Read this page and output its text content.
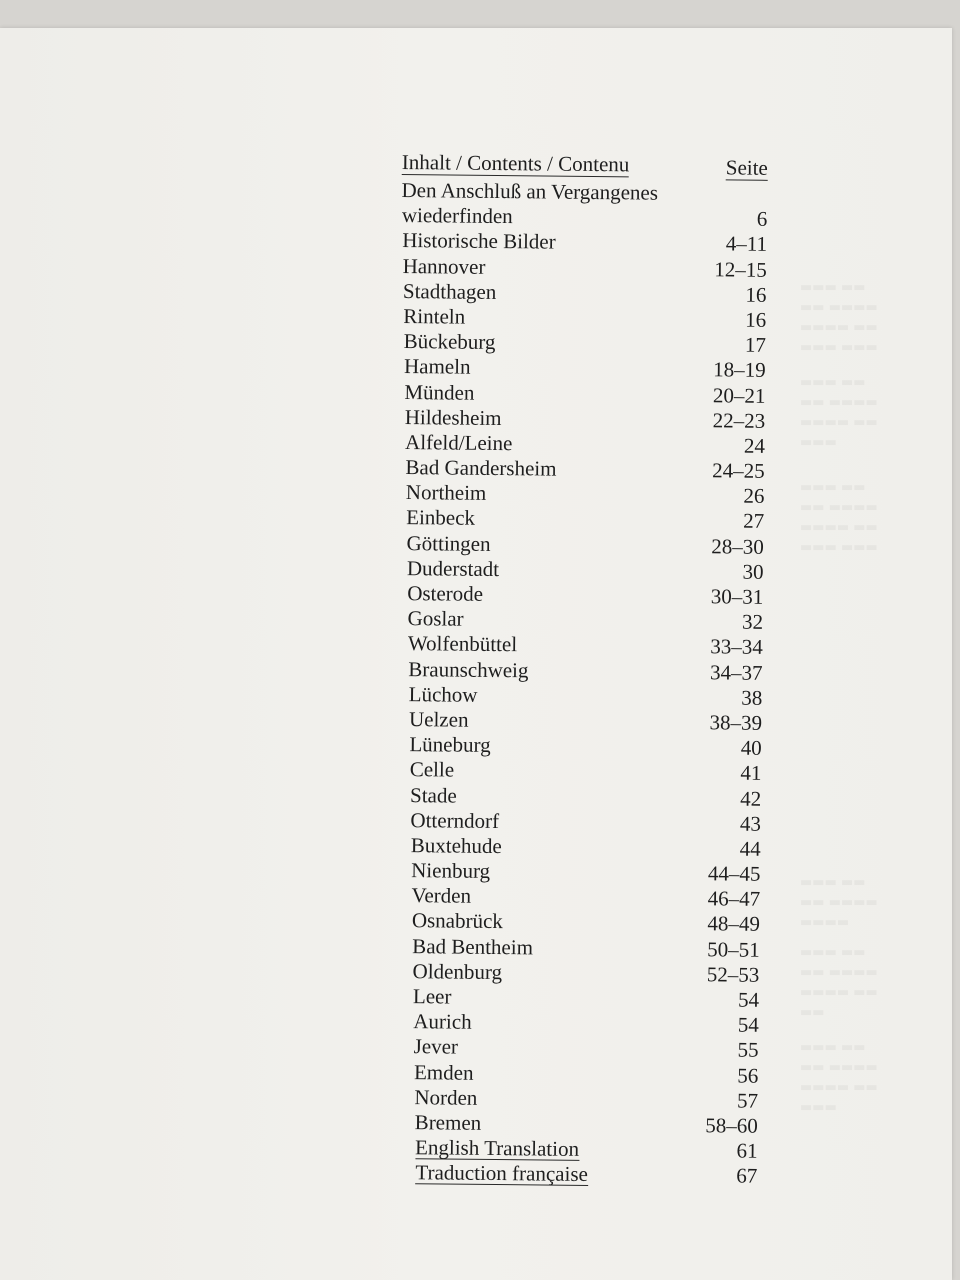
▬▬▬ ▬▬
▬▬ ▬▬▬▬
▬▬▬▬ ▬▬
▬▬▬ ▬▬▬
▬▬▬ ▬▬
▬▬ ▬▬▬▬
▬▬▬▬ ▬▬
▬▬▬
▬▬▬ ▬▬
▬▬ ▬▬▬▬
▬▬▬▬ ▬▬
▬▬▬ ▬▬▬
▬▬▬ ▬▬
▬▬ ▬▬▬▬
▬▬▬▬
▬▬▬ ▬▬
▬▬ ▬▬▬▬
▬▬▬▬ ▬▬
▬▬
▬▬▬ ▬▬
▬▬ ▬▬▬▬
▬▬▬▬ ▬▬
▬▬▬
Inhalt / Contents / Contenu	Seite
Den Anschluß an Vergangenes
wiederfinden	6
Historische Bilder	4–11
Hannover	12–15
Stadthagen	16
Rinteln	16
Bückeburg	17
Hameln	18–19
Münden	20–21
Hildesheim	22–23
Alfeld/Leine	24
Bad Gandersheim	24–25
Northeim	26
Einbeck	27
Göttingen	28–30
Duderstadt	30
Osterode	30–31
Goslar	32
Wolfenbüttel	33–34
Braunschweig	34–37
Lüchow	38
Uelzen	38–39
Lüneburg	40
Celle	41
Stade	42
Otterndorf	43
Buxtehude	44
Nienburg	44–45
Verden	46–47
Osnabrück	48–49
Bad Bentheim	50–51
Oldenburg	52–53
Leer	54
Aurich	54
Jever	55
Emden	56
Norden	57
Bremen	58–60
English Translation	61
Traduction française	67
